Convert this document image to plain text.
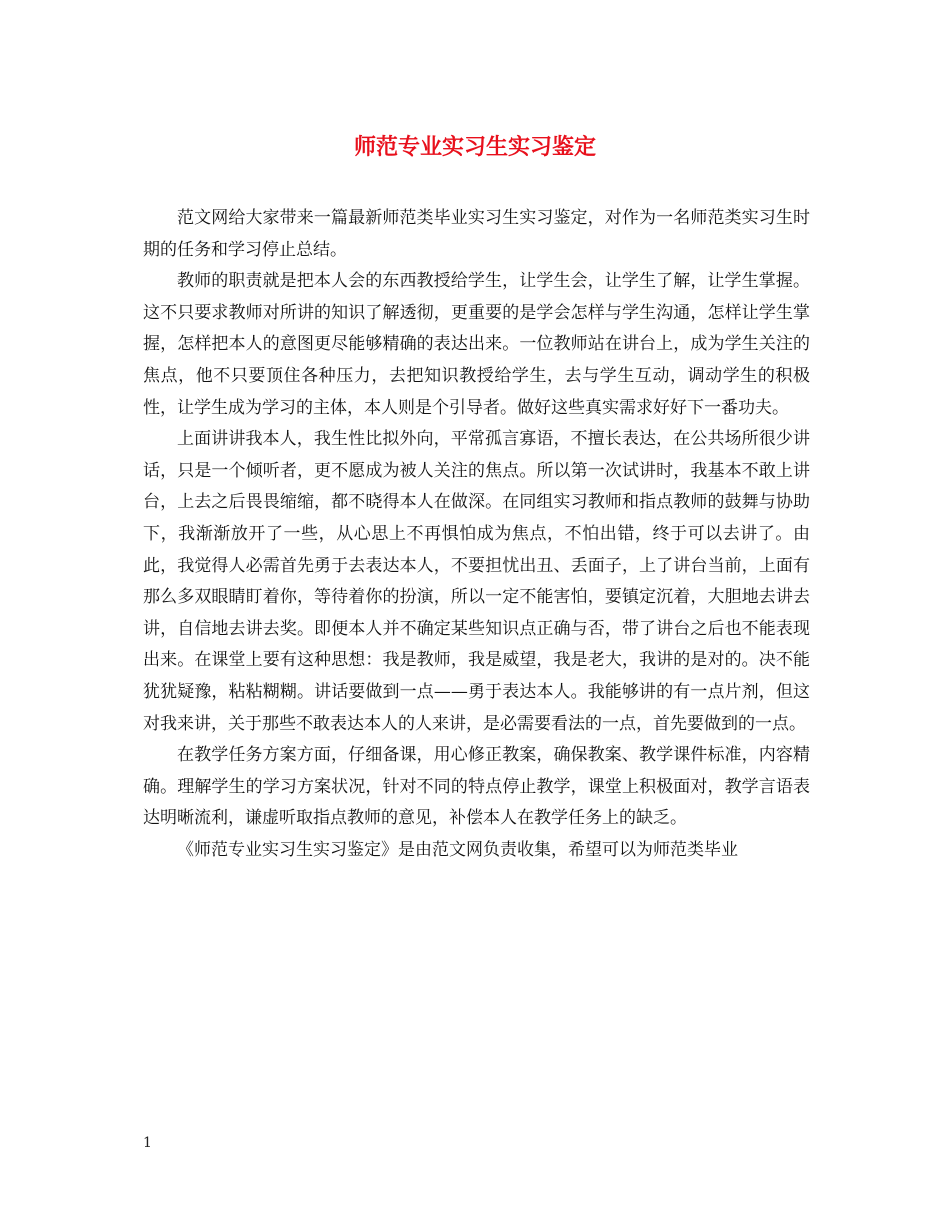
师范专业实习生实习鉴定

范文网给大家带来一篇最新师范类毕业实习生实习鉴定，对作为一名师范类实习生时期的任务和学习停止总结。

教师的职责就是把本人会的东西教授给学生，让学生会，让学生了解，让学生掌握。这不只要求教师对所讲的知识了解透彻，更重要的是学会怎样与学生沟通，怎样让学生掌握，怎样把本人的意图更尽能够精确的表达出来。一位教师站在讲台上，成为学生关注的焦点，他不只要顶住各种压力，去把知识教授给学生，去与学生互动，调动学生的积极性，让学生成为学习的主体，本人则是个引导者。做好这些真实需求好好下一番功夫。

上面讲讲我本人，我生性比拟外向，平常孤言寡语，不擅长表达，在公共场所很少讲话，只是一个倾听者，更不愿成为被人关注的焦点。所以第一次试讲时，我基本不敢上讲台，上去之后畏畏缩缩，都不晓得本人在做深。在同组实习教师和指点教师的鼓舞与协助下，我渐渐放开了一些，从心思上不再惧怕成为焦点，不怕出错，终于可以去讲了。由此，我觉得人必需首先勇于去表达本人，不要担忧出丑、丢面子，上了讲台当前，上面有那么多双眼睛盯着你，等待着你的扮演，所以一定不能害怕，要镇定沉着，大胆地去讲去讲，自信地去讲去奖。即便本人并不确定某些知识点正确与否，带了讲台之后也不能表现出来。在课堂上要有这种思想：我是教师，我是威望，我是老大，我讲的是对的。决不能犹犹疑豫，粘粘糊糊。讲话要做到一点——勇于表达本人。我能够讲的有一点片剂，但这对我来讲，关于那些不敢表达本人的人来讲，是必需要看法的一点，首先要做到的一点。

在教学任务方案方面，仔细备课，用心修正教案，确保教案、教学课件标准，内容精确。理解学生的学习方案状况，针对不同的特点停止教学，课堂上积极面对，教学言语表达明晰流利，谦虚听取指点教师的意见，补偿本人在教学任务上的缺乏。

《师范专业实习生实习鉴定》是由范文网负责收集，希望可以为师范类毕业

1
